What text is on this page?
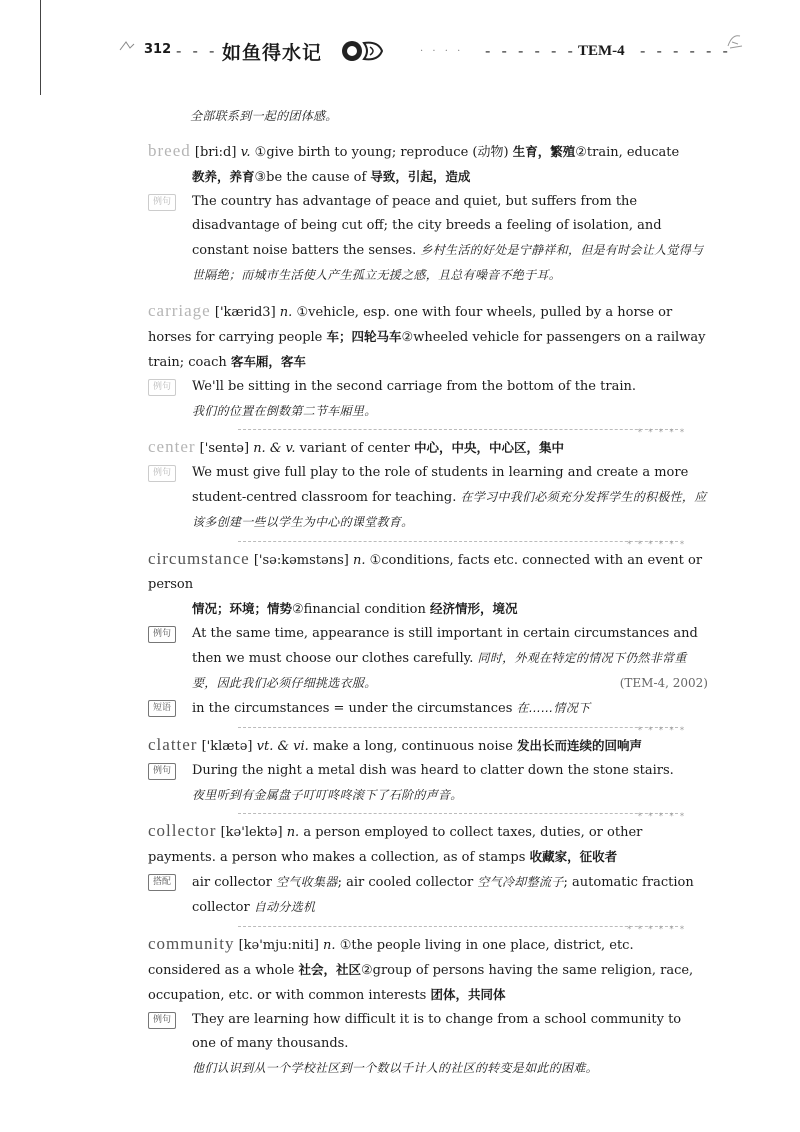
312 - - - 如鱼得水记	· · · · - - - - - - TEM-4 - - - - - -

全部联系到一起的团体感。

breed [bri:d] v. ①give birth to young; reproduce (动物) 生育，繁殖②train, educate

教养，养育③be the cause of 导致，引起，造成

例句	The country has advantage of peace and quiet, but suffers from the disadvantage of being cut off; the city breeds a feeling of isolation, and constant noise batters the senses. 乡村生活的好处是宁静祥和，但是有时会让人觉得与世隔绝；而城市生活使人产生孤立无援之感，且总有噪音不绝于耳。

carriage ['kærid3] n. ①vehicle, esp. one with four wheels, pulled by a horse or horses for carrying people 车；四轮马车②wheeled vehicle for passengers on a railway train; coach 客车厢，客车

例句	We'll be sitting in the second carriage from the bottom of the train.

我们的位置在倒数第二节车厢里。

* * * * *

center ['sentə] n. & v. variant of center 中心，中央，中心区，集中

例句	We must give full play to the role of students in learning and create a more student-centred classroom for teaching. 在学习中我们必须充分发挥学生的积极性，应该多创建一些以学生为中心的课堂教育。

* * * * * *

circumstance ['sə:kəmstəns] n. ①conditions, facts etc. connected with an event or person

情况；环境；情势②financial condition 经济情形，境况

例句	At the same time, appearance is still important in certain circumstances and then we must choose our clothes carefully. 同时，外观在特定的情况下仍然非常重要，因此我们必须仔细挑选衣服。	(TEM-4, 2002)

短语	in the circumstances = under the circumstances 在……情况下

* * * * *

clatter ['klætə] vt. & vi. make a long, continuous noise 发出长而连续的回响声

例句	During the night a metal dish was heard to clatter down the stone stairs.

夜里听到有金属盘子叮叮咚咚滚下了石阶的声音。

* * * * *

collector [kə'lektə] n. a person employed to collect taxes, duties, or other payments. a person who makes a collection, as of stamps 收藏家，征收者

搭配	air collector 空气收集器; air cooled collector 空气冷却整流子; automatic fraction collector 自动分选机

* * * * * *

community [kə'mju:niti] n. ①the people living in one place, district, etc. considered as a whole 社会，社区②group of persons having the same religion, race, occupation, etc. or with common interests 团体，共同体

例句	They are learning how difficult it is to change from a school community to one of many thousands.

他们认识到从一个学校社区到一个数以千计人的社区的转变是如此的困难。
